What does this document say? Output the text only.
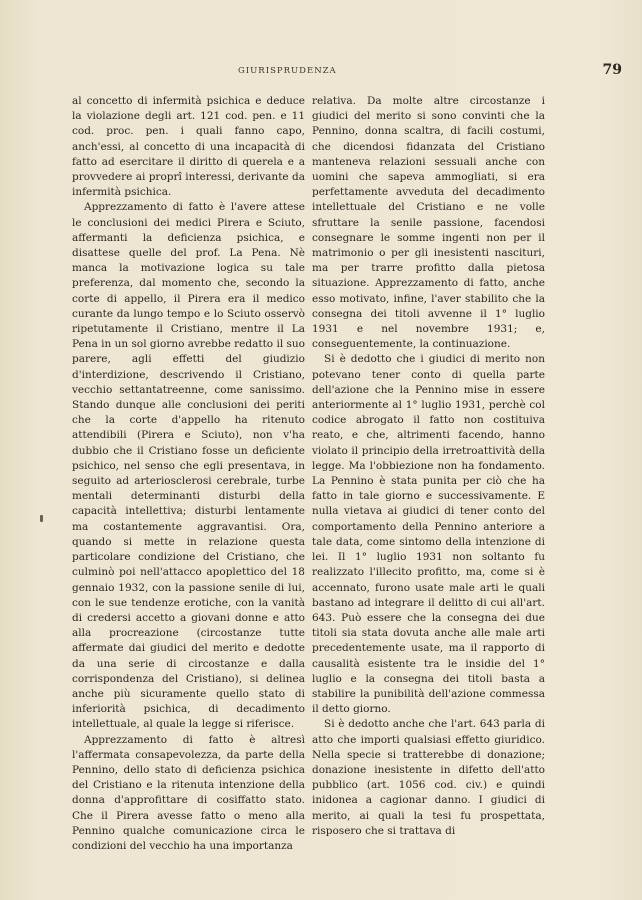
GIURISPRUDENZA	79

al concetto di infermità psichica e deduce la violazione degli art. 121 cod. pen. e 11 cod. proc. pen. i quali fanno capo, anch'essi, al concetto di una incapacità di fatto ad esercitare il diritto di querela e a provvedere ai proprî interessi, derivante da infermità psichica.

Apprezzamento di fatto è l'avere attese le conclusioni dei medici Pirera e Sciuto, affermanti la deficienza psichica, e disattese quelle del prof. La Pena. Nè manca la motivazione logica su tale preferenza, dal momento che, secondo la corte di appello, il Pirera era il medico curante da lungo tempo e lo Sciuto osservò ripetutamente il Cristiano, mentre il La Pena in un sol giorno avrebbe redatto il suo parere, agli effetti del giudizio d'interdizione, descrivendo il Cristiano, vecchio settantatreenne, come sanissimo. Stando dunque alle conclusioni dei periti che la corte d'appello ha ritenuto attendibili (Pirera e Sciuto), non v'ha dubbio che il Cristiano fosse un deficiente psichico, nel senso che egli presentava, in seguito ad arteriosclerosi cerebrale, turbe mentali determinanti disturbi della capacità intellettiva; disturbi lentamente ma costantemente aggravantisi. Ora, quando si mette in relazione questa particolare condizione del Cristiano, che culminò poi nell'attacco apoplettico del 18 gennaio 1932, con la passione senile di lui, con le sue tendenze erotiche, con la vanità di credersi accetto a giovani donne e atto alla procreazione (circostanze tutte affermate dai giudici del merito e dedotte da una serie di circostanze e dalla corrispondenza del Cristiano), si delinea anche più sicuramente quello stato di inferiorità psichica, di decadimento intellettuale, al quale la legge si riferisce.

Apprezzamento di fatto è altresì l'affermata consapevolezza, da parte della Pennino, dello stato di deficienza psichica del Cristiano e la ritenuta intenzione della donna d'approfittare di cosiffatto stato. Che il Pirera avesse fatto o meno alla Pennino qualche comunicazione circa le condizioni del vecchio ha una importanza

relativa. Da molte altre circostanze i giudici del merito si sono convinti che la Pennino, donna scaltra, di facili costumi, che dicendosi fidanzata del Cristiano manteneva relazioni sessuali anche con uomini che sapeva ammogliati, si era perfettamente avveduta del decadimento intellettuale del Cristiano e ne volle sfruttare la senile passione, facendosi consegnare le somme ingenti non per il matrimonio o per gli inesistenti nascituri, ma per trarre profitto dalla pietosa situazione. Apprezzamento di fatto, anche esso motivato, infine, l'aver stabilito che la consegna dei titoli avvenne il 1° luglio 1931 e nel novembre 1931; e, conseguentemente, la continuazione.

Si è dedotto che i giudici di merito non potevano tener conto di quella parte dell'azione che la Pennino mise in essere anteriormente al 1° luglio 1931, perchè col codice abrogato il fatto non costituiva reato, e che, altrimenti facendo, hanno violato il principio della irretroattività della legge. Ma l'obbiezione non ha fondamento. La Pennino è stata punita per ciò che ha fatto in tale giorno e successivamente. E nulla vietava ai giudici di tener conto del comportamento della Pennino anteriore a tale data, come sintomo della intenzione di lei. Il 1° luglio 1931 non soltanto fu realizzato l'illecito profitto, ma, come si è accennato, furono usate male arti le quali bastano ad integrare il delitto di cui all'art. 643. Può essere che la consegna dei due titoli sia stata dovuta anche alle male arti precedentemente usate, ma il rapporto di causalità esistente tra le insidie del 1° luglio e la consegna dei titoli basta a stabilire la punibilità dell'azione commessa il detto giorno.

Si è dedotto anche che l'art. 643 parla di atto che importi qualsiasi effetto giuridico. Nella specie si tratterebbe di donazione; donazione inesistente in difetto dell'atto pubblico (art. 1056 cod. civ.) e quindi inidonea a cagionar danno. I giudici di merito, ai quali la tesi fu prospettata, risposero che si trattava di
